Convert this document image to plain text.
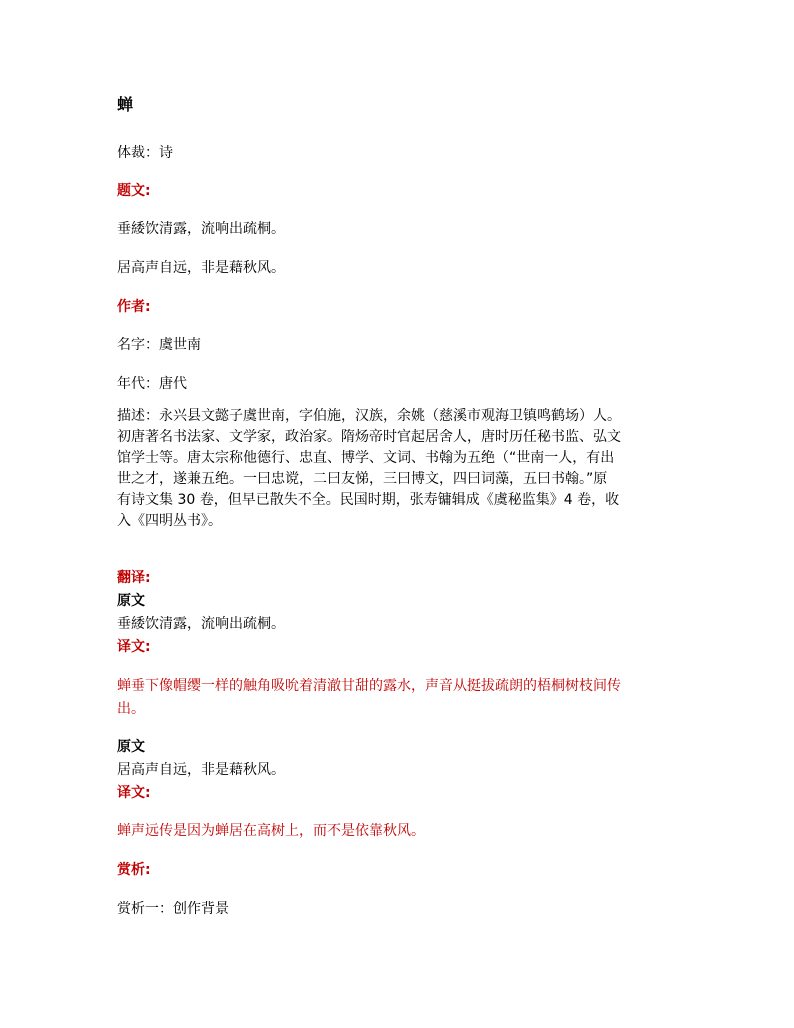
蝉
体裁：诗
题文:
垂緌饮清露，流响出疏桐。
居高声自远，非是藉秋风。
作者:
名字：虞世南
年代：唐代

描述：永兴县文懿子虞世南，字伯施，汉族，余姚（慈溪市观海卫镇鸣鹤场）人。

初唐著名书法家、文学家，政治家。隋炀帝时官起居舍人，唐时历任秘书监、弘文

馆学士等。唐太宗称他德行、忠直、博学、文词、书翰为五绝（“世南一人，有出

世之才，遂兼五绝。一曰忠谠，二曰友悌，三曰博文，四曰词藻，五曰书翰。”原

有诗文集 30 卷，但早已散失不全。民国时期，张寿镛辑成《虞秘监集》4 卷，收

入《四明丛书》。

翻译:
原文
垂緌饮清露，流响出疏桐。
译文:
蝉垂下像帽缨一样的触角吸吮着清澈甘甜的露水，声音从挺拔疏朗的梧桐树枝间传
出。
原文
居高声自远，非是藉秋风。
译文:
蝉声远传是因为蝉居在高树上，而不是依靠秋风。
赏析:
赏析一：创作背景
